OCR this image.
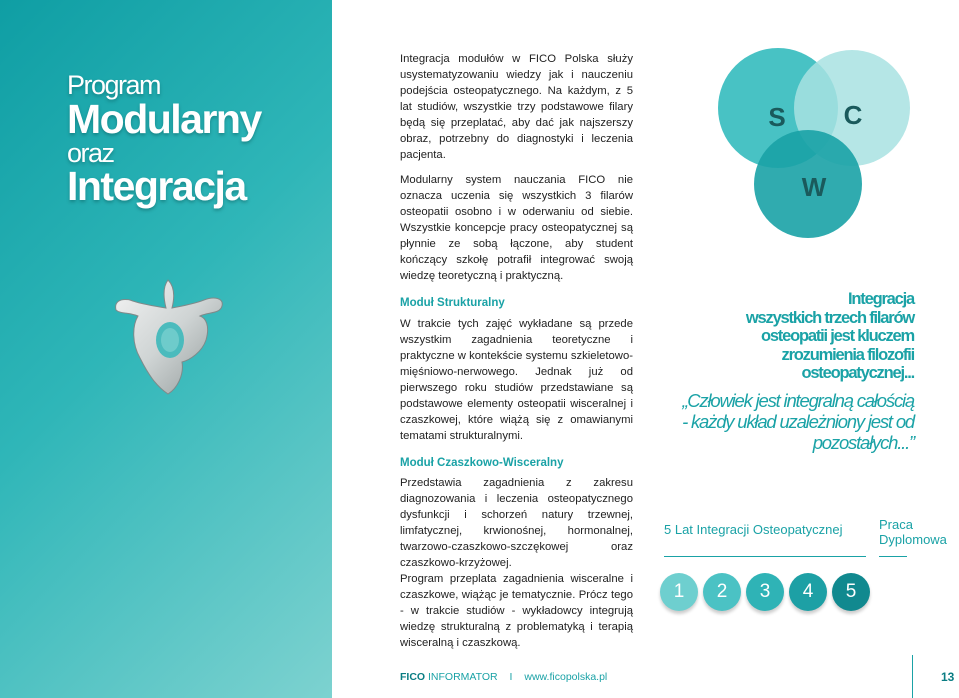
Program
Modularny
oraz
Integracja

Integracja modułów w FICO Polska służy usystematyzowaniu wiedzy jak i nauczeniu podejścia osteopatycznego. Na każdym, z 5 lat studiów, wszystkie trzy podstawowe filary będą się przeplatać, aby dać jak najszerszy obraz, potrzebny do diagnostyki i leczenia pacjenta.

Modularny system nauczania FICO nie oznacza uczenia się wszystkich 3 filarów osteopatii osobno i w oderwaniu od siebie. Wszystkie koncepcje pracy osteopatycznej są płynnie ze sobą łączone, aby student kończący szkołę potrafił integrować swoją wiedzę teoretyczną i praktyczną.

Moduł Strukturalny

W trakcie tych zajęć wykładane są przede wszystkim zagadnienia teoretyczne i praktyczne w kontekście systemu szkieletowo-mięśniowo-nerwowego. Jednak już od pierwszego roku studiów przedstawiane są podstawowe elementy osteopatii wisceralnej i czaszkowej, które wiążą się z omawianymi tematami strukturalnymi.

Moduł Czaszkowo-Wisceralny

Przedstawia zagadnienia z zakresu diagnozowania i leczenia osteopatycznego dysfunkcji i schorzeń natury trzewnej, limfatycznej, krwionośnej, hormonalnej, twarzowo-czaszkowo-szczękowej oraz czaszkowo-krzyżowej.

Program przeplata zagadnienia wisceralne i czaszkowe, wiążąc je tematycznie. Prócz tego - w trakcie studiów - wykładowcy integrują wiedzę strukturalną z problematyką i terapią wisceralną i czaszkową.

S C
W
Integracja
wszystkich trzech filarów
osteopatii jest kluczem
zrozumienia filozofii
osteopatycznej...
„Człowiek jest integralną całością
- każdy układ uzależniony jest od
pozostałych...”
5 Lat Integracji Osteopatycznej	Praca
Dyplomowa
1	2	3	4	5
FICO INFORMATOR I www.ficopolska.pl	13
